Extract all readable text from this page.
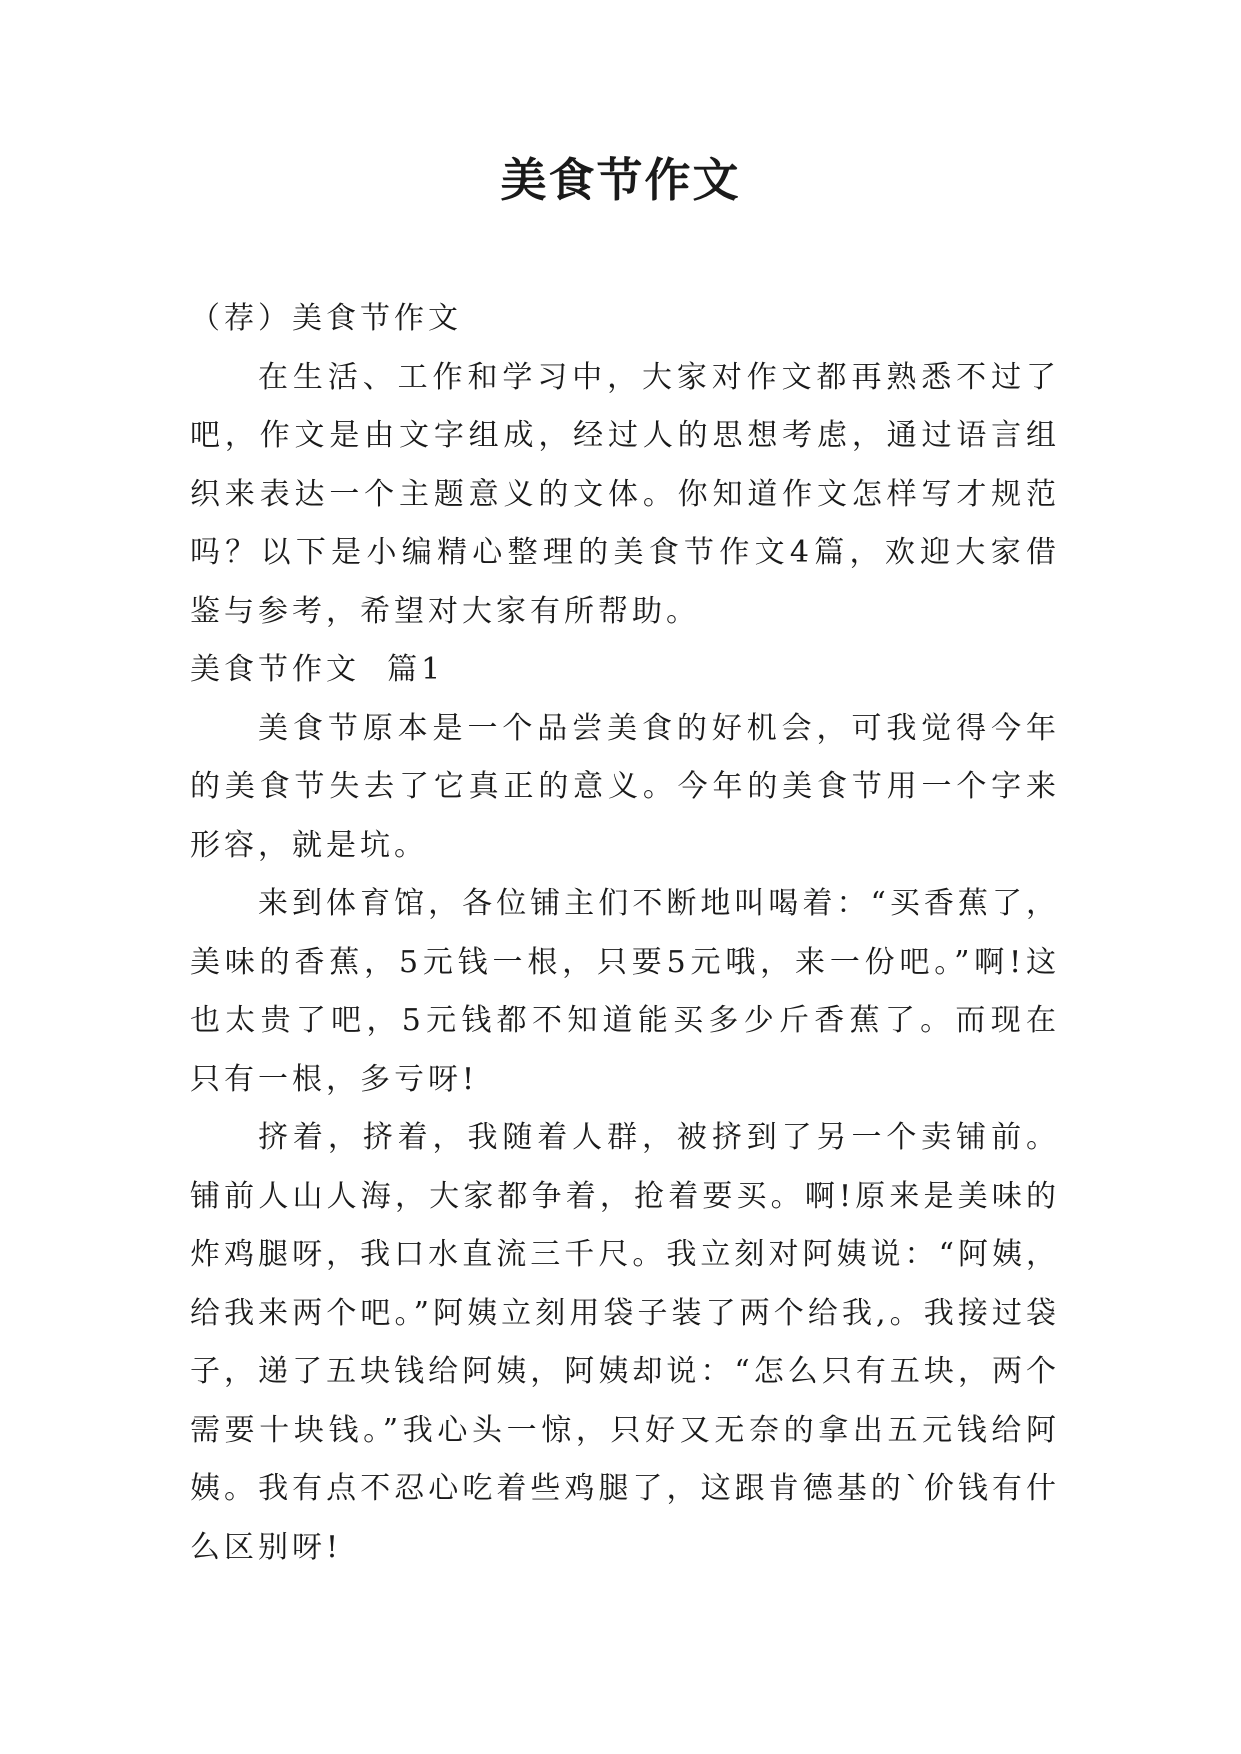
美食节作文

（荐）美食节作文

在生活、工作和学习中，大家对作文都再熟悉不过了吧，作文是由文字组成，经过人的思想考虑，通过语言组织来表达一个主题意义的文体。你知道作文怎样写才规范吗？以下是小编精心整理的美食节作文4篇，欢迎大家借鉴与参考，希望对大家有所帮助。

美食节作文  篇1

美食节原本是一个品尝美食的好机会，可我觉得今年的美食节失去了它真正的意义。今年的美食节用一个字来形容，就是坑。

来到体育馆，各位铺主们不断地叫喝着：“买香蕉了，美味的香蕉，5元钱一根，只要5元哦，来一份吧。”啊!这也太贵了吧，5元钱都不知道能买多少斤香蕉了。而现在只有一根，多亏呀!

挤着，挤着，我随着人群，被挤到了另一个卖铺前。铺前人山人海，大家都争着，抢着要买。啊!原来是美味的炸鸡腿呀，我口水直流三千尺。我立刻对阿姨说：“阿姨，给我来两个吧。”阿姨立刻用袋子装了两个给我,。我接过袋子，递了五块钱给阿姨，阿姨却说：“怎么只有五块，两个需要十块钱。”我心头一惊，只好又无奈的拿出五元钱给阿姨。我有点不忍心吃着些鸡腿了，这跟肯德基的`价钱有什么区别呀!
